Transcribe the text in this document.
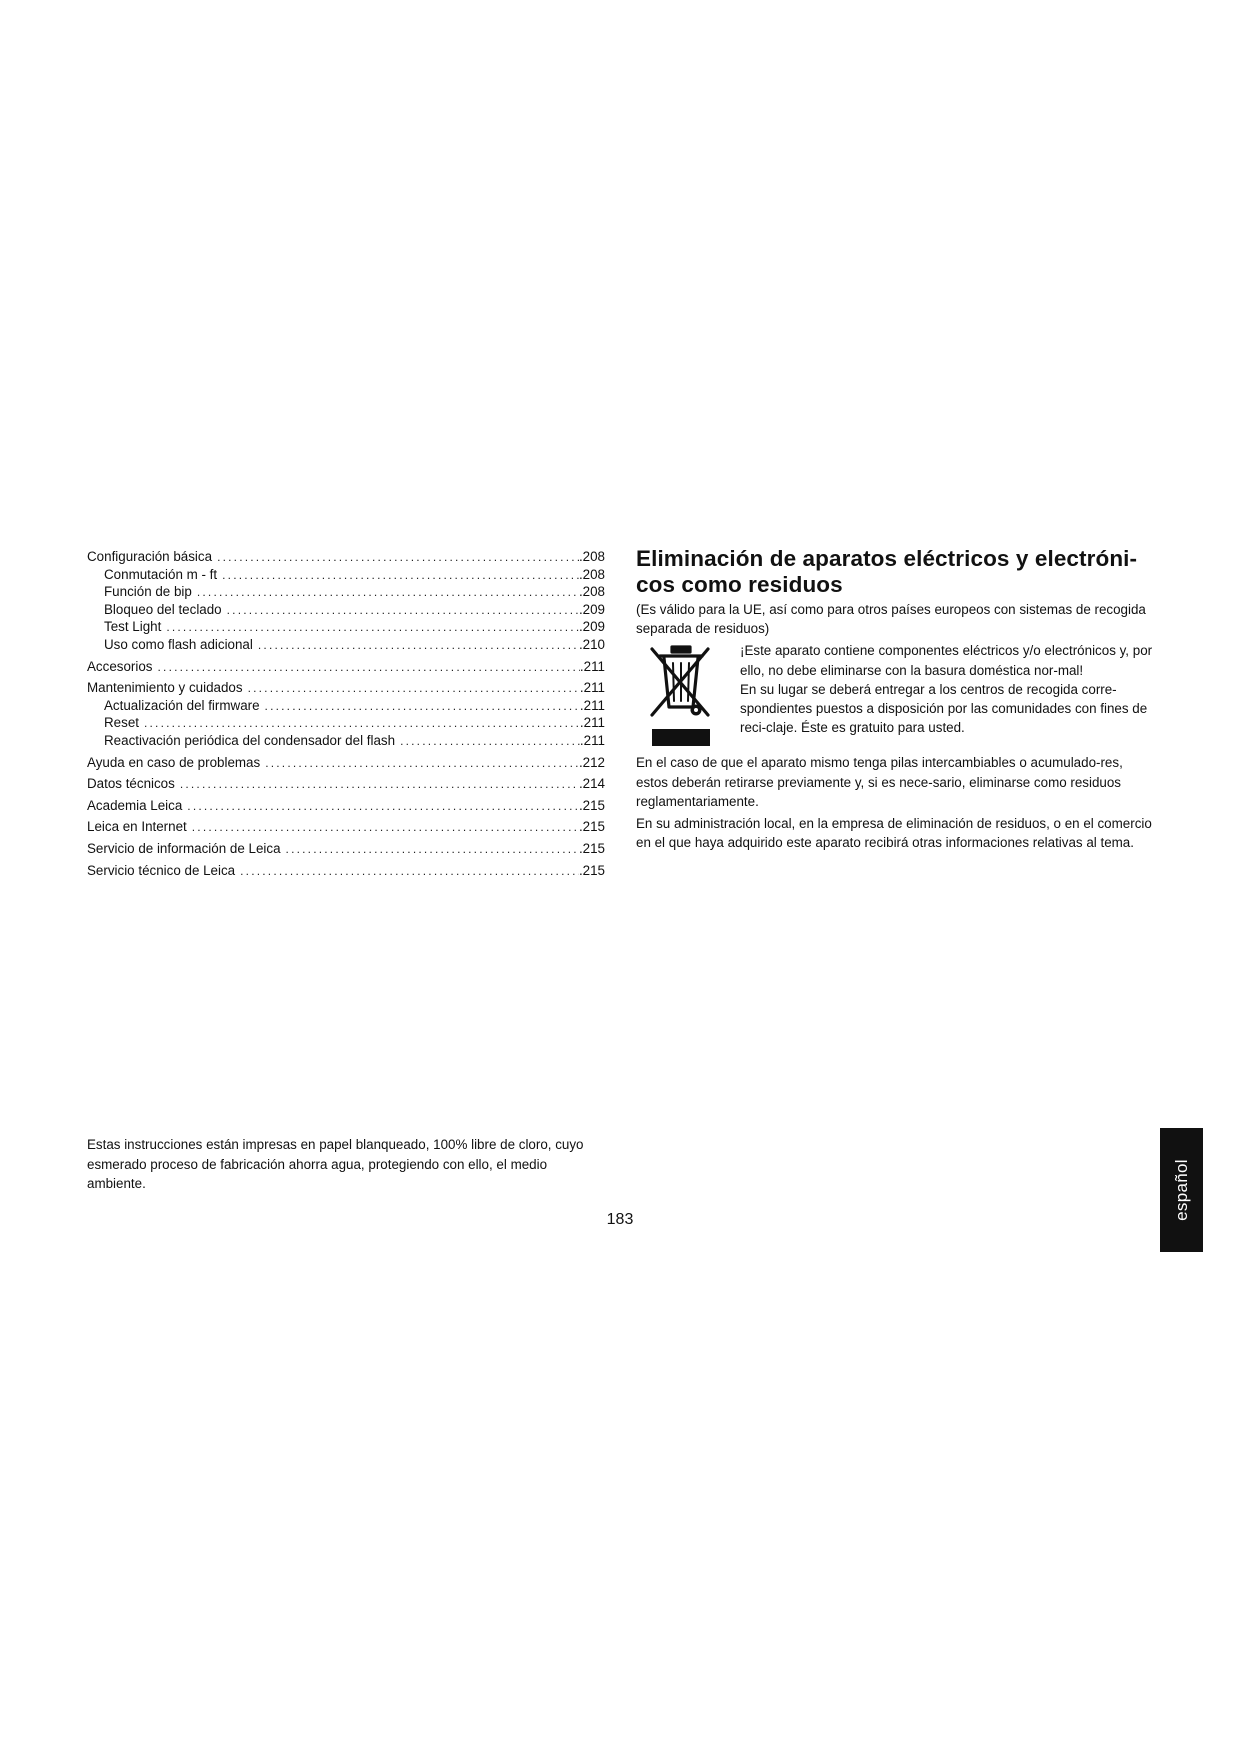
Configuración básica .....	.208
Conmutación m - ft .....	.208
Función de bip .....	.208
Bloqueo del teclado .....	.209
Test Light .....	.209
Uso como flash adicional .....	.210
Accesorios .....	.211
Mantenimiento y cuidados .....	.211
Actualización del firmware .....	.211
Reset .....	.211
Reactivación periódica del condensador del flash .....	.211
Ayuda en caso de problemas .....	.212
Datos técnicos .....	.214
Academia Leica .....	.215
Leica en Internet .....	.215
Servicio de información de Leica .....	.215
Servicio técnico de Leica .....	.215
Eliminación de aparatos eléctricos y electróni-cos como residuos

(Es válido para la UE, así como para otros países europeos con sistemas de recogida separada de residuos)

¡Este aparato contiene componentes eléctricos y/o electrónicos y, por ello, no debe eliminarse con la basura doméstica nor-mal!

En su lugar se deberá entregar a los centros de recogida corre-spondientes puestos a disposición por las comunidades con fines de reci-claje. Éste es gratuito para usted.

En el caso de que el aparato mismo tenga pilas intercambiables o acumulado-res, estos deberán retirarse previamente y, si es nece-sario, eliminarse como residuos reglamentariamente.

En su administración local, en la empresa de eliminación de residuos, o en el comercio en el que haya adquirido este aparato recibirá otras informaciones relativas al tema.

Estas instrucciones están impresas en papel blanqueado, 100% libre de cloro, cuyo esmerado proceso de fabricación ahorra agua, protegiendo con ello, el medio ambiente.

183	español
